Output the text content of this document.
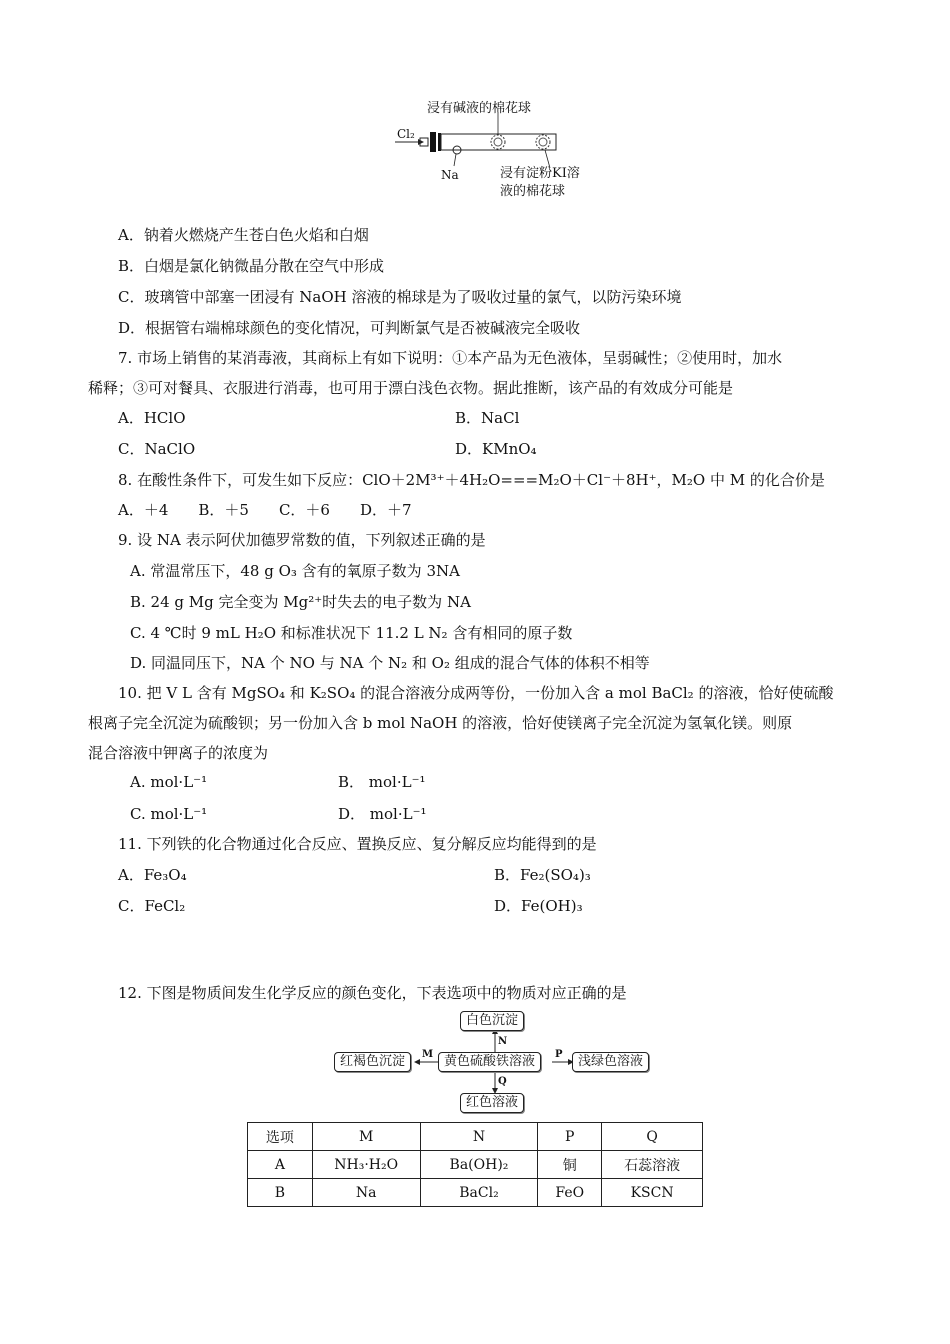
浸有碱液的棉花球
Cl₂
Na	浸有淀粉KI溶
液的棉花球
A．钠着火燃烧产生苍白色火焰和白烟
B．白烟是氯化钠微晶分散在空气中形成
C．玻璃管中部塞一团浸有 NaOH 溶液的棉球是为了吸收过量的氯气，以防污染环境
D．根据管右端棉球颜色的变化情况，可判断氯气是否被碱液完全吸收
7. 市场上销售的某消毒液，其商标上有如下说明：①本产品为无色液体，呈弱碱性；②使用时，加水
稀释；③可对餐具、衣服进行消毒，也可用于漂白浅色衣物。据此推断，该产品的有效成分可能是
A．HClO	B．NaCl
C．NaClO	D．KMnO₄
8. 在酸性条件下，可发生如下反应：ClO＋2M³⁺＋4H₂O===M₂O＋Cl⁻＋8H⁺，M₂O 中 M 的化合价是
A．＋4　　B．＋5　　C．＋6　　D．＋7
9. 设 NA 表示阿伏加德罗常数的值，下列叙述正确的是
A. 常温常压下，48 g O₃ 含有的氧原子数为 3NA
B. 24 g Mg 完全变为 Mg²⁺时失去的电子数为 NA
C. 4 ℃时 9 mL H₂O 和标准状况下 11.2 L N₂ 含有相同的原子数
D. 同温同压下，NA 个 NO 与 NA 个 N₂ 和 O₂ 组成的混合气体的体积不相等
10. 把 V L 含有 MgSO₄ 和 K₂SO₄ 的混合溶液分成两等份，一份加入含 a mol BaCl₂ 的溶液，恰好使硫酸
根离子完全沉淀为硫酸钡；另一份加入含 b mol NaOH 的溶液，恰好使镁离子完全沉淀为氢氧化镁。则原
混合溶液中钾离子的浓度为
A. mol·L⁻¹	B． mol·L⁻¹
C. mol·L⁻¹	D． mol·L⁻¹
11. 下列铁的化合物通过化合反应、置换反应、复分解反应均能得到的是
A．Fe₃O₄	B．Fe₂(SO₄)₃
C．FeCl₂	D．Fe(OH)₃
12. 下图是物质间发生化学反应的颜色变化，下表选项中的物质对应正确的是
白色沉淀
黄色硫酸铁溶液
红褐色沉淀	浅绿色溶液
红色溶液
N
M	P
Q
选项	M	N	P	Q
A	NH₃·H₂O	Ba(OH)₂	铜	石蕊溶液
B	Na	BaCl₂	FeO	KSCN
